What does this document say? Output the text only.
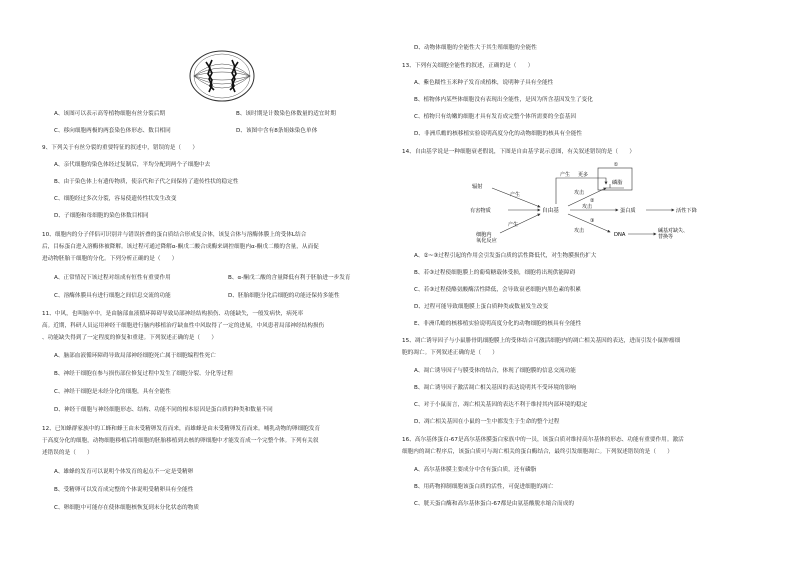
A、该图可以表示高等植物细胞有丝分裂后期	B、该时期是计数染色体数量的适宜时期
C、移向细胞两极的两套染色体形态、数目相同	D、该图中含有8条姐妹染色单体
9、下列关于有丝分裂的重要特征的叙述中，错误的是（　　）
A、亲代细胞的染色体经过复制后，平均分配到两个子细胞中去
B、由于染色体上有遗传物质，使亲代和子代之间保持了遗传性状的稳定性
C、细胞经过多次分裂，容易使遗传性状发生改变
D、子细胞和母细胞的染色体数目相同
10、细胞内的分子伴侣可识别并与错误折叠的蛋白质结合形成复合体，该复合体与溶酶体膜上的受体L结合
后，目标蛋白进入溶酶体被降解。该过程可通过降解α-酮戊二酸合成酶来调控细胞内α-酮戊二酸的含量，从而促
进动物胚胎干细胞的分化。下列分析正确的是（　　）
A、正常情况下该过程对组成有恒性有重要作用	B、α-酮戊二酸的含量降低有利于胚胎进一步发育
C、溶酶体膜具有进行细胞之间信息交流的功能	D、胚胎细胞分化后细胞的功能还保持多能性
11、中风，也叫脑卒中，是由脑部血液循环障碍导致局部神经结构损伤、功能缺失，一般发病快，病死率
高。近期，科研人员运用神经干细胞进行脑内移植治疗缺血性中风取得了一定的进展，中风患者局部神经结构损伤
、功能缺失得到了一定程度的修复和重建。下列叙述正确的是（　　）
A、脑部血液循环障碍导致局部神经细胞死亡属于细胞编程性死亡
B、神经干细胞在参与损伤部位修复过程中发生了细胞分裂、分化等过程
C、神经干细胞是未经分化的细胞，具有全能性
D、神经干细胞与神经细胞形态、结构、功能不同的根本原因是蛋白质的种类和数量不同
12、已知蜂群家族中的工蜂和蜂王由未受精卵发育而来，而雄蜂是由未受精卵发育而来。哺乳动物的卵细胞发育
于高度分化的细胞，动物细胞移植后将细胞的胚胎移植到去核的卵细胞中才能发育成一个完整个体。下列有关叙
述错误的是（　　）
A、雄蜂的发育可以说明个体发育的起点不一定是受精卵
B、受精卵可以发育成完整的个体说明受精卵具有全能性
C、卵细胞中可能存在使体细胞核恢复到未分化状态的物质
D、动物体细胞的全能性大于其生殖细胞的全能性
13、下列有关细胞全能性的叙述，正确的是（　　）
A、紫色糯性玉米种子发育成植株，说明种子具有全能性
B、植物体内某些体细胞没有表现出全能性，是因为所含基因发生了变化
C、植物只有幼嫩的细胞才具有发育成完整个体所需要的全套基因
D、非洲爪蟾的核移植实验说明高度分化的动物细胞的核具有全能性
14、自由基学说是一种细胞衰老假说，下图是自由基学说示意图，有关叙述错误的是（　　）
①
②
③
辐射
有害物质
细胞内氧化反应
产生
产生
产生 更多
自由基
攻击
攻击
攻击
磷脂
蛋白质	活性下降
DNA
碱基对缺失、替换等
A、②~③过程引起的作用会引发蛋白质的活性降低代，对生物膜损伤扩大
B、若③过程使细胞膜上的葡萄糖载体受损，细胞将出现供能障碍
C、若③过程使酪氨酸酶活性降低，会导致衰老细胞内黑色素的积累
D、过程可能导致细胞膜上蛋白质种类或数量发生改变
E、非洲爪蟾的核移植实验说明高度分化的动物细胞的核具有全能性
15、凋亡诱导因子与小鼠腓骨肌细胞膜上的受体结合可激活细胞内的凋亡相关基因的表达，进而引发小鼠肿瘤细
胞的凋亡。下列叙述正确的是（　　）
A、凋亡诱导因子与膜受体的结合，体现了细胞膜的信息交流功能
B、凋亡诱导因子激活凋亡相关基因的表达说明其不受环境的影响
C、对于小鼠而言，凋亡相关基因的表达不利于维持其内部环境的稳定
D、凋亡相关基因在小鼠的一生中都发生于生命的整个过程
16、高尔基体蛋白-67是高尔基体膜蛋白家族中的一员，该蛋白质对维持高尔基体的形态、功能有重要作用。激活
细胞内的凋亡程序后，该蛋白质可与凋亡相关的蛋白酶结合，最终引发细胞凋亡。下列叙述错误的是（　　）
A、高尔基体膜主要成分中含有蛋白质，还有磷脂
B、用药物抑制细胞该蛋白质的活性，可促进细胞的凋亡
C、胱天蛋白酶和高尔基体蛋白-67都是由氨基酸脱水缩合而成的
